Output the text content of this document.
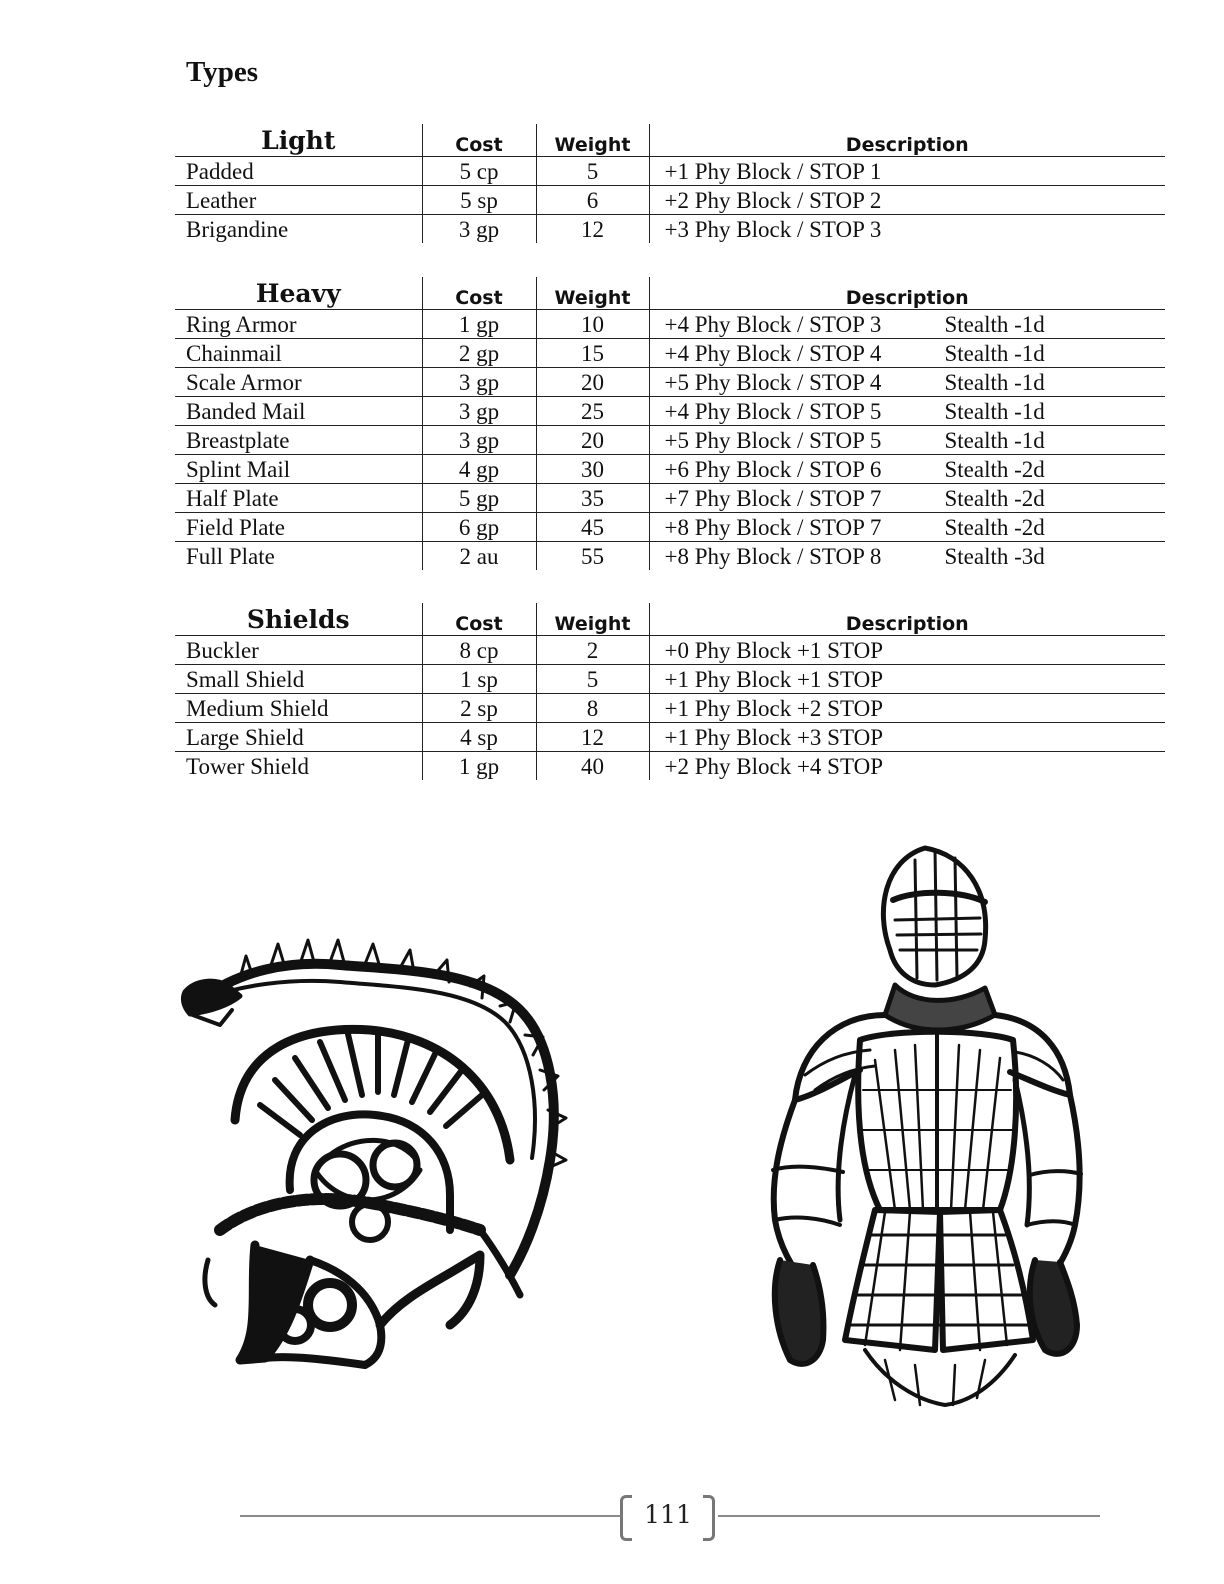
Types
Light	Cost	Weight	Description
Padded	5 cp	5	+1 Phy Block / STOP 1
Leather	5 sp	6	+2 Phy Block / STOP 2
Brigandine	3 gp	12	+3 Phy Block / STOP 3
Heavy	Cost	Weight	Description
Ring Armor	1 gp	10	+4 Phy Block / STOP 3 Stealth -1d
Chainmail	2 gp	15	+4 Phy Block / STOP 4 Stealth -1d
Scale Armor	3 gp	20	+5 Phy Block / STOP 4 Stealth -1d
Banded Mail	3 gp	25	+4 Phy Block / STOP 5 Stealth -1d
Breastplate	3 gp	20	+5 Phy Block / STOP 5 Stealth -1d
Splint Mail	4 gp	30	+6 Phy Block / STOP 6 Stealth -2d
Half Plate	5 gp	35	+7 Phy Block / STOP 7 Stealth -2d
Field Plate	6 gp	45	+8 Phy Block / STOP 7 Stealth -2d
Full Plate	2 au	55	+8 Phy Block / STOP 8 Stealth -3d
Shields	Cost	Weight	Description
Buckler	8 cp	2	+0 Phy Block +1 STOP
Small Shield	1 sp	5	+1 Phy Block +1 STOP
Medium Shield	2 sp	8	+1 Phy Block +2 STOP
Large Shield	4 sp	12	+1 Phy Block +3 STOP
Tower Shield	1 gp	40	+2 Phy Block +4 STOP
111
